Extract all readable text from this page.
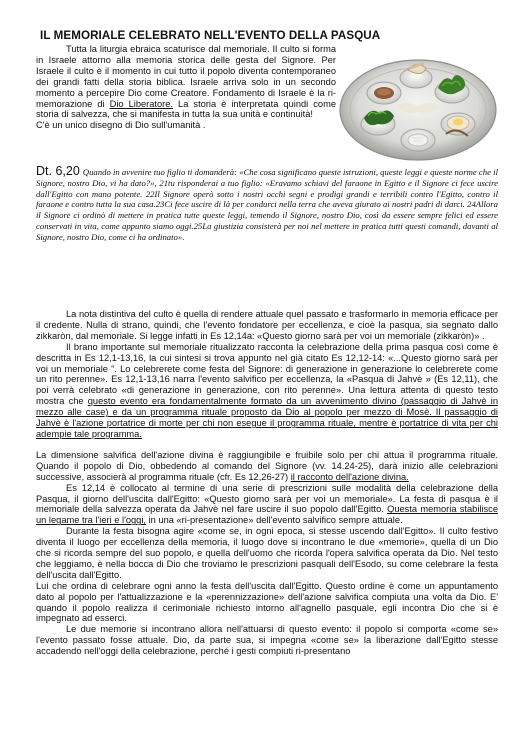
IL MEMORIALE CELEBRATO NELL'EVENTO DELLA PASQUA

Tutta la liturgia ebraica scaturisce dal memoriale. Il culto si forma in Israele attorno alla memoria storica delle gesta del Signore. Per Israele il culto è il momento in cui tutto il popolo diventa contemporaneo dei grandi fatti della storia biblica. Israele arriva solo in un secondo momento a percepire Dio come Creatore. Fondamento di Israele è la ri-memorazione di Dio Liberatore. La storia è interpretata quindi come storia di salvezza, che si manifesta in tutta la sua unità e continuità!

C'è un unico disegno di Dio sull'umanità .

Dt. 6,20 Quando in avvenire tuo figlio ti domanderà: «Che cosa significano queste istruzioni, queste leggi e queste norme che il Signore, nostro Dio, vi ha dato?», 21tu risponderai a tuo figlio: «Eravamo schiavi del faraone in Egitto e il Signore ci fece uscire dall'Egitto con mano potente. 22Il Signore operò sotto i nostri occhi segni e prodigi grandi e terribili contro l'Egitto, contro il faraone e contro tutta la sua casa.23Ci fece uscire di là per condurci nella terra che aveva giurato ai nostri padri di darci. 24Allora il Signore ci ordinò di mettere in pratica tutte queste leggi, temendo il Signore, nostro Dio, così da essere sempre felici ed essere conservati in vita, come appunto siamo oggi.25La giustizia consisterà per noi nel mettere in pratica tutti questi comandi, davanti al Signore, nostro Dio, come ci ha ordinato».

La nota distintiva del culto è quella di rendere attuale quel passato e trasformarlo in memoria efficace per il credente. Nulla di strano, quindi, che l'evento fondatore per eccellenza, e cioè la pasqua, sia segnato dallo zikkaròn, dal memoriale. Si legge infatti in Es 12,14a: «Questo giorno sarà per voi un memoriale (zikkaròn)» .

Il brano importante sul memoriale ritualizzato racconta la celebrazione della prima pasqua così come è descritta in Es 12,1-13,16, la cui sintesi si trova appunto nel già citato Es 12,12-14: «...Questo giorno sarà per voi un memoriale ". Lo celebrerete come festa del Signore: di generazione in generazione lo celebrerete come un rito perenne». Es 12,1-13,16 narra l'evento salvifico per eccellenza, la «Pasqua di Jahvè » (Es 12,11), che poi verrà celebrato «di generazione in generazione, con rito perenne». Una lettura attenta di questo testo mostra che questo evento era fondamentalmente formato da un avvenimento divino (passaggio di Jahvè in mezzo alle case) e da un programma rituale proposto da Dio al popolo per mezzo di Mosè. Il passaggio di Jahvè è l'azione portatrice di morte per chi non esegue il programma rituale, mentre è portatrice di vita per chi adempie tale programma.

La dimensione salvifica dell'azione divina è raggiungibile e fruibile solo per chi attua il programma rituale. Quando il popolo di Dio, obbedendo al comando del Signore (vv. 14.24-25), darà inizio alle celebrazioni successive, associerà al programma rituale (cfr. Es 12,26-27) il racconto dell'azione divina.

Es 12,14 è collocato al termine di una serie di prescrizioni sulle modalità della celebrazione della Pasqua, il giorno dell'uscita dall'Egitto: «Questo giorno sarà per voi un memoriale». La festa di pasqua è il memoriale della salvezza operata da Jahvè nel fare uscire il suo popolo dall'Egitto. Questa memoria stabilisce un legame tra l'ieri e l'oggi, in una «ri-presentazione» dell'evento salvifico sempre attuale.

Durante la festa bisogna agire «come se, in ogni epoca, si stesse uscendo dall'Egitto». Il culto festivo diventa il luogo per eccellenza della memoria, il luogo dove si incontrano le due «memorie», quella di un Dio che si ricorda sempre del suo popolo, e quella dell'uomo che ricorda l'opera salvifica operata da Dio. Nel testo che leggiamo, è nella bocca di Dio che troviamo le prescrizioni pasquali dell'Esodo, su come celebrare la festa dell'uscita dall'Egitto.

Lui che ordina di celebrare ogni anno la festa dell'uscita dall'Egitto. Questo ordine è come un appuntamento dato al popolo per l'attualizzazione e la «perennizzazione» dell'azione salvifica compiuta una volta da Dio. E' quando il popolo realizza il cerimoniale richiesto intorno all'agnello pasquale, egli incontra Dio che si è impegnato ad esserci.

Le due memorie si incontrano allora nell'attuarsi di questo evento: il popolo si comporta «come se» l'evento passato fosse attuale. Dio, da parte sua, si impegna «come se» la liberazione dall'Egitto stesse accadendo nell'oggi della celebrazione, perché i gesti compiuti ri-presentano
